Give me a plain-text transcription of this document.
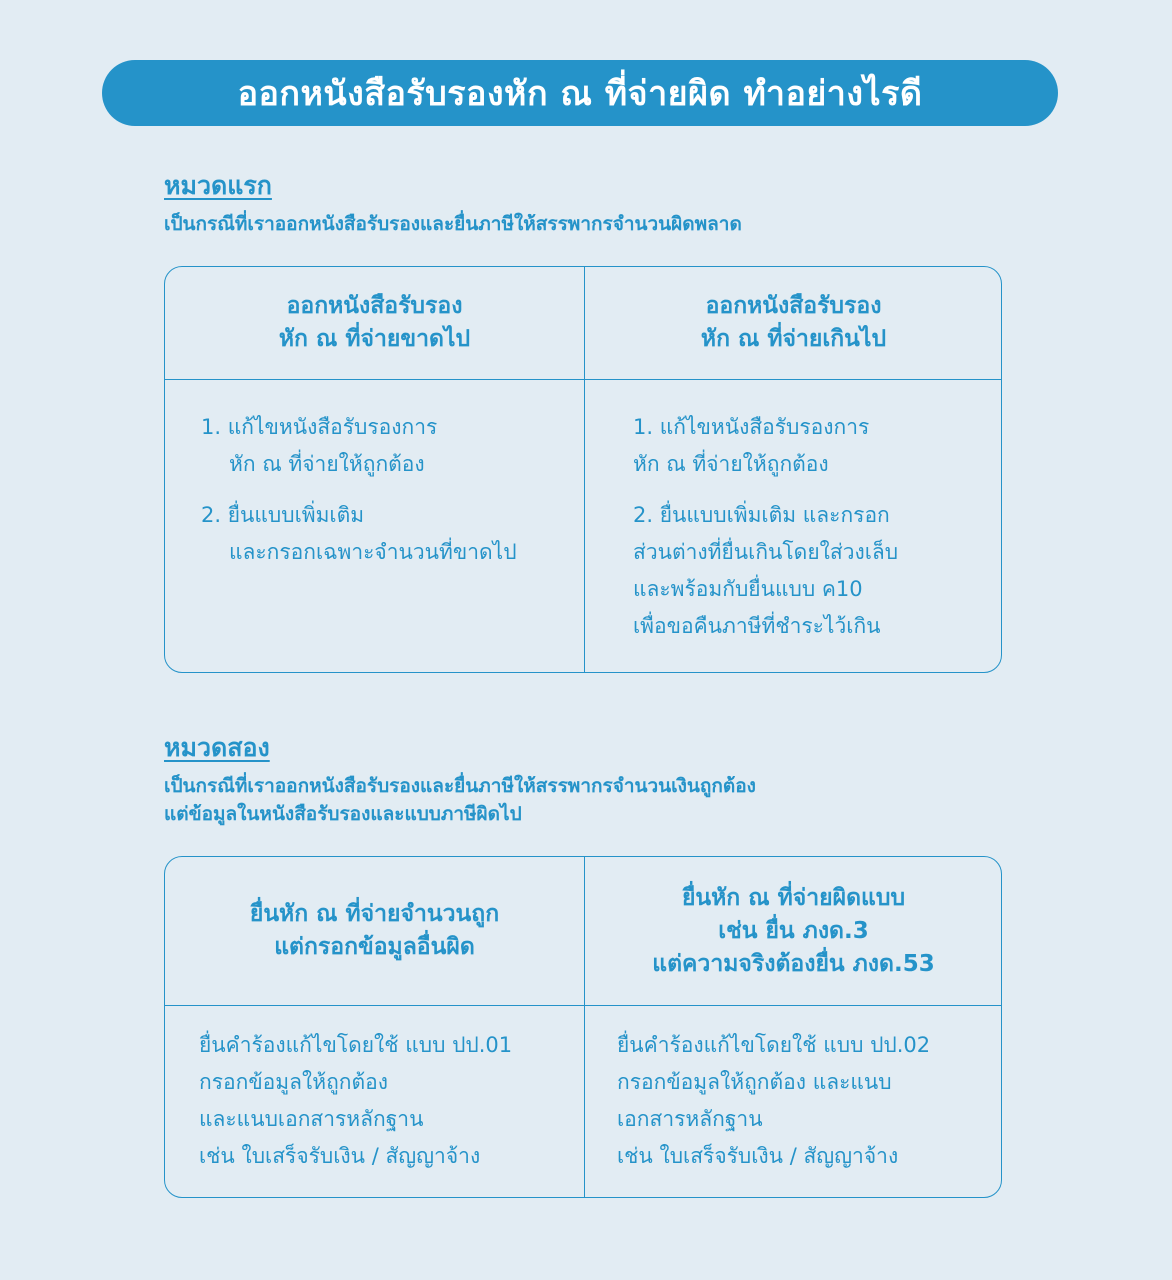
ออกหนังสือรับรองหัก ณ ที่จ่ายผิด ทำอย่างไรดี
หมวดแรก
เป็นกรณีที่เราออกหนังสือรับรองและยื่นภาษีให้สรรพากรจำนวนผิดพลาด
ออกหนังสือรับรอง
หัก ณ ที่จ่ายขาดไป
ออกหนังสือรับรอง
หัก ณ ที่จ่ายเกินไป
1. แก้ไขหนังสือรับรองการ
หัก ณ ที่จ่ายให้ถูกต้อง
2. ยื่นแบบเพิ่มเติม
และกรอกเฉพาะจำนวนที่ขาดไป
1. แก้ไขหนังสือรับรองการ
หัก ณ ที่จ่ายให้ถูกต้อง
2. ยื่นแบบเพิ่มเติม และกรอก
ส่วนต่างที่ยื่นเกินโดยใส่วงเล็บ
และพร้อมกับยื่นแบบ ค10
เพื่อขอคืนภาษีที่ชำระไว้เกิน
หมวดสอง
เป็นกรณีที่เราออกหนังสือรับรองและยื่นภาษีให้สรรพากรจำนวนเงินถูกต้อง
แต่ข้อมูลในหนังสือรับรองและแบบภาษีผิดไป
ยื่นหัก ณ ที่จ่ายจำนวนถูก
แต่กรอกข้อมูลอื่นผิด
ยื่นหัก ณ ที่จ่ายผิดแบบ
เช่น ยื่น ภงด.3
แต่ความจริงต้องยื่น ภงด.53
ยื่นคำร้องแก้ไขโดยใช้ แบบ ปป.01
กรอกข้อมูลให้ถูกต้อง
และแนบเอกสารหลักฐาน
เช่น ใบเสร็จรับเงิน / สัญญาจ้าง
ยื่นคำร้องแก้ไขโดยใช้ แบบ ปป.02
กรอกข้อมูลให้ถูกต้อง และแนบ
เอกสารหลักฐาน
เช่น ใบเสร็จรับเงิน / สัญญาจ้าง
